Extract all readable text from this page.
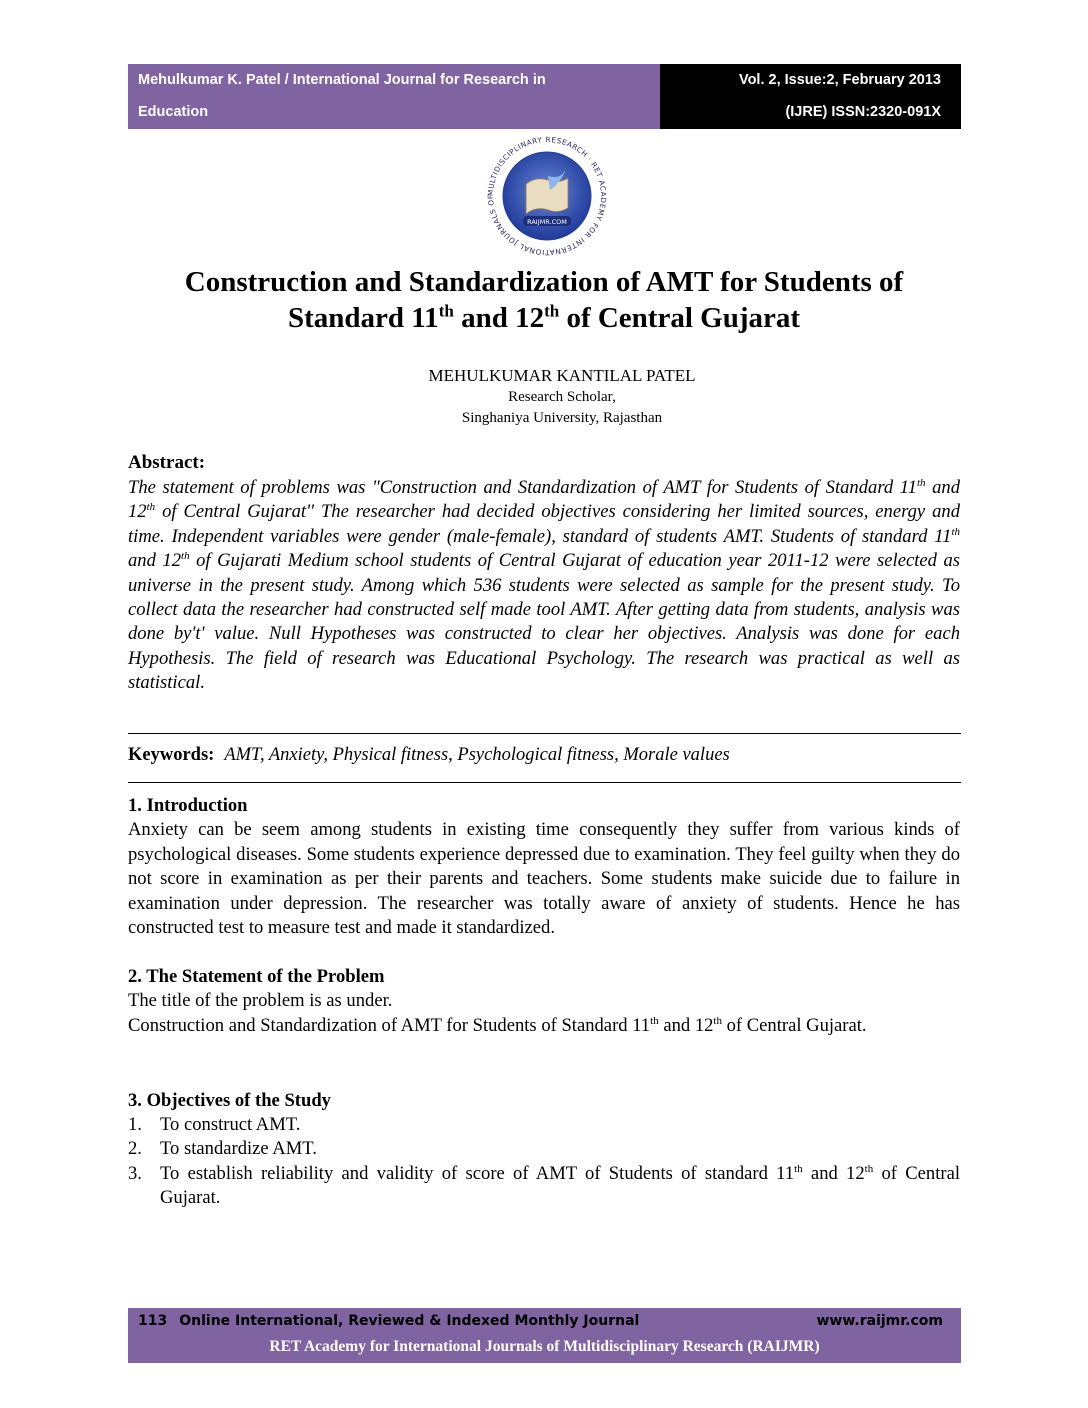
Mehulkumar K. Patel / International Journal for Research in
Education
Vol. 2, Issue:2, February 2013
(IJRE) ISSN:2320-091X
MULTIDISCIPLINARY RESEARCH · RET ACADEMY FOR INTERNATIONAL JOURNALS OF
RAIJMR.COM
Construction and Standardization of AMT for Students of
Standard 11th and 12th of Central Gujarat
MEHULKUMAR KANTILAL PATEL
Research Scholar,
Singhaniya University, Rajasthan
Abstract:
The statement of problems was "Construction and Standardization of AMT for Students of Standard 11th and 12th of Central Gujarat'' The researcher had decided objectives considering her limited sources, energy and time. Independent variables were gender (male-female), standard of students AMT. Students of standard 11th and 12th of Gujarati Medium school students of Central Gujarat of education year 2011-12 were selected as universe in the present study. Among which 536 students were selected as sample for the present study. To collect data the researcher had constructed self made tool AMT. After getting data from students, analysis was done by't' value. Null Hypotheses was constructed to clear her objectives. Analysis was done for each Hypothesis. The field of research was Educational Psychology. The research was practical as well as statistical.
Keywords: AMT, Anxiety, Physical fitness, Psychological fitness, Morale values
1. Introduction
Anxiety can be seem among students in existing time consequently they suffer from various kinds of psychological diseases. Some students experience depressed due to examination. They feel guilty when they do not score in examination as per their parents and teachers. Some students make suicide due to failure in examination under depression. The researcher was totally aware of anxiety of students. Hence he has constructed test to measure test and made it standardized.
2. The Statement of the Problem
The title of the problem is as under.
Construction and Standardization of AMT for Students of Standard 11th and 12th of Central Gujarat.
3. Objectives of the Study
1. To construct AMT.
2. To standardize AMT.
3. To establish reliability and validity of score of AMT of Students of standard 11th and 12th of Central Gujarat.
113 Online International, Reviewed & Indexed Monthly Journal	www.raijmr.com
RET Academy for International Journals of Multidisciplinary Research (RAIJMR)
